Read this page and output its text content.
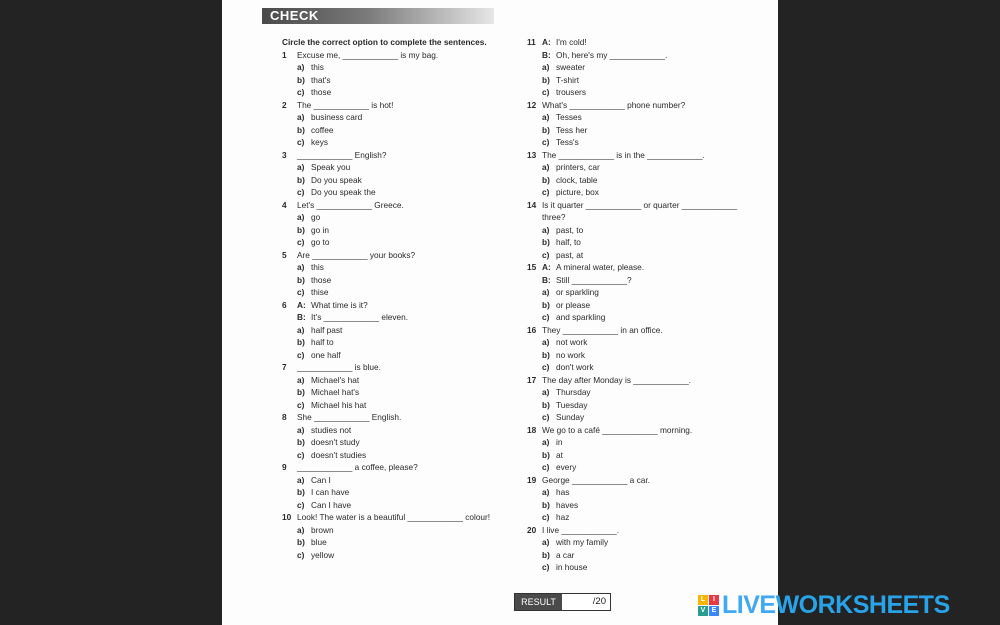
CHECK
Circle the correct option to complete the sentences.
1	Excuse me, ____________ is my bag.
a) this
b) that's
c) those
2	The ____________ is hot!
a) business card
b) coffee
c) keys
3	____________ English?
a) Speak you
b) Do you speak
c) Do you speak the
4	Let's ____________ Greece.
a) go
b) go in
c) go to
5	Are ____________ your books?
a) this
b) those
c) thise
6	A: What time is it?
B: It's ____________ eleven.
a) half past
b) half to
c) one half
7	____________ is blue.
a) Michael's hat
b) Michael hat's
c) Michael his hat
8	She ____________ English.
a) studies not
b) doesn't study
c) doesn't studies
9	____________ a coffee, please?
a) Can I
b) I can have
c) Can I have
10 Look! The water is a beautiful ____________ colour!
a) brown
b) blue
c) yellow
11 A: I'm cold!
B: Oh, here's my ____________.
a) sweater
b) T-shirt
c) trousers
12 What's ____________ phone number?
a) Tesses
b) Tess her
c) Tess's
13 The ____________ is in the ____________.
a) printers, car
b) clock, table
c) picture, box
14 Is it quarter ____________ or quarter ____________
three?
a) past, to
b) half, to
c) past, at
15 A: A mineral water, please.
B: Still ____________?
a) or sparkling
b) or please
c) and sparkling
16 They ____________ in an office.
a) not work
b) no work
c) don't work
17 The day after Monday is ____________.
a) Thursday
b) Tuesday
c) Sunday
18 We go to a café ____________ morning.
a) in
b) at
c) every
19 George ____________ a car.
a) has
b) haves
c) haz
20 I live ____________.
a) with my family
b) a car
c) in house
RESULT	/20	L	I
V E LIVEWORKSHEETS
